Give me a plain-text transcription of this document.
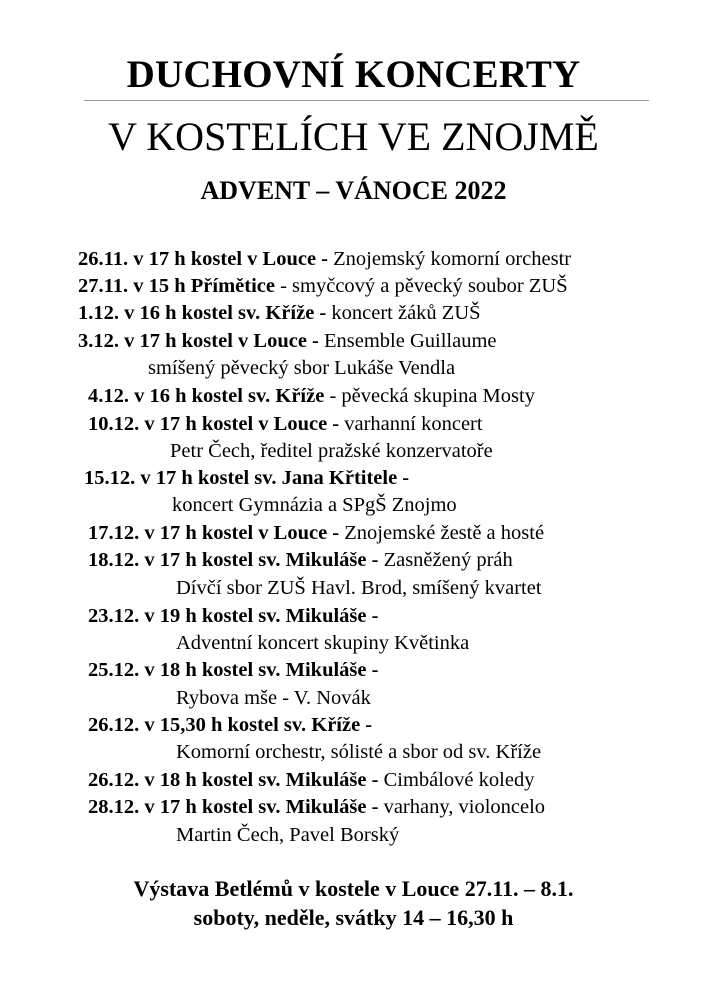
DUCHOVNÍ KONCERTY
V KOSTELÍCH VE ZNOJMĚ
ADVENT – VÁNOCE 2022
26.11. v 17 h kostel v Louce - Znojemský komorní orchestr
27.11. v 15 h Přímětice - smyčcový a pěvecký soubor ZUŠ
1.12. v 16 h kostel sv. Kříže - koncert žáků ZUŠ
3.12. v 17 h kostel v Louce - Ensemble Guillaume
smíšený pěvecký sbor Lukáše Vendla
4.12. v 16 h kostel sv. Kříže - pěvecká skupina Mosty
10.12. v 17 h kostel v Louce - varhanní koncert
Petr Čech, ředitel pražské konzervatoře
15.12. v 17 h kostel sv. Jana Křtitele -
koncert Gymnázia a SPgŠ Znojmo
17.12. v 17 h kostel v Louce - Znojemské žestě a hosté
18.12. v 17 h kostel sv. Mikuláše - Zasněžený práh
Dívčí sbor ZUŠ Havl. Brod, smíšený kvartet
23.12. v 19 h kostel sv. Mikuláše -
Adventní koncert skupiny Květinka
25.12. v 18 h kostel sv. Mikuláše -
Rybova mše - V. Novák
26.12. v 15,30 h kostel sv. Kříže -
Komorní orchestr, sólisté a sbor od sv. Kříže
26.12. v 18 h kostel sv. Mikuláše - Cimbálové koledy
28.12. v 17 h kostel sv. Mikuláše - varhany, violoncelo
Martin Čech, Pavel Borský
Výstava Betlémů v kostele v Louce 27.11. – 8.1.
soboty, neděle, svátky 14 – 16,30 h
